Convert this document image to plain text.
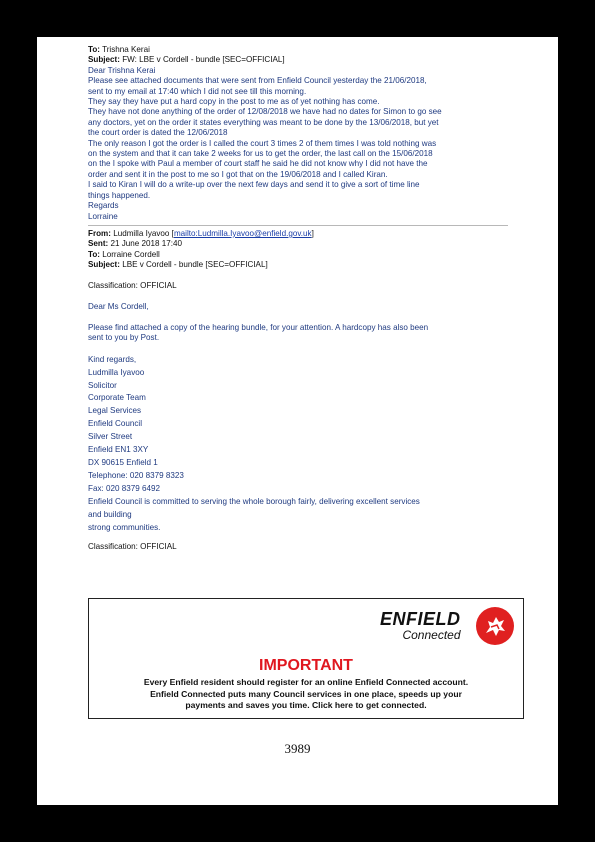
To: Trishna Kerai
Subject: FW: LBE v Cordell - bundle [SEC=OFFICIAL]
Dear Trishna Kerai
Please see attached documents that were sent from Enfield Council yesterday the 21/06/2018,
sent to my email at 17:40 which I did not see till this morning.
They say they have put a hard copy in the post to me as of yet nothing has come.
They have not done anything of the order of 12/08/2018 we have had no dates for Simon to go see
any doctors, yet on the order it states everything was meant to be done by the 13/06/2018, but yet
the court order is dated the 12/06/2018
The only reason I got the order is I called the court 3 times 2 of them times I was told nothing was
on the system and that it can take 2 weeks for us to get the order, the last call on the 15/06/2018
on the I spoke with Paul a member of court staff he said he did not know why I did not have the
order and sent it in the post to me so I got that on the 19/06/2018 and I called Kiran.
I said to Kiran I will do a write-up over the next few days and send it to give a sort of time line
things happened.
Regards
Lorraine
From: Ludmilla Iyavoo [mailto:Ludmilla.Iyavoo@enfield.gov.uk]
Sent: 21 June 2018 17:40
To: Lorraine Cordell
Subject: LBE v Cordell - bundle [SEC=OFFICIAL]
Classification: OFFICIAL
Dear Ms Cordell,
Please find attached a copy of the hearing bundle, for your attention. A hardcopy has also been
sent to you by Post.
Kind regards,
Ludmilla Iyavoo
Solicitor
Corporate Team
Legal Services
Enfield Council
Silver Street
Enfield EN1 3XY
DX 90615 Enfield 1
Telephone: 020 8379 8323
Fax: 020 8379 6492
Enfield Council is committed to serving the whole borough fairly, delivering excellent services
and building
strong communities.
Classification: OFFICIAL
ENFIELD
Connected
IMPORTANT
Every Enfield resident should register for an online Enfield Connected account.
Enfield Connected puts many Council services in one place, speeds up your
payments and saves you time. Click here to get connected.
3989
